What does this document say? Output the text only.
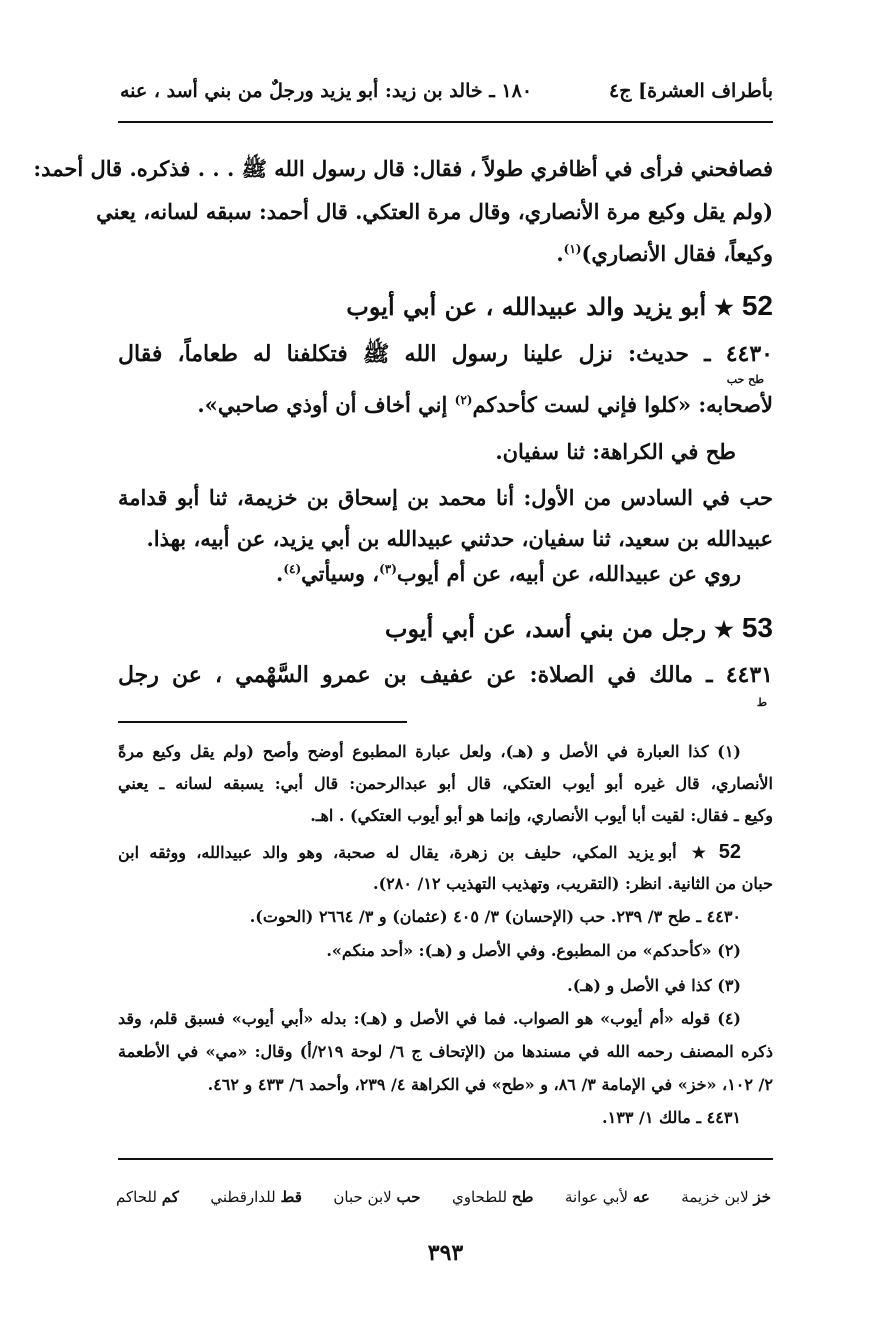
بأطراف العشرة] ج٤
١٨٠ ـ خالد بن زيد: أبو يزيد ورجلٌ من بني أسد ، عنه
فصافحني فرأى في أظافري طولاً ، فقال: قال رسول الله ﷺ . . . فذكره. قال أحمد:
(ولم يقل وكيع مرة الأنصاري، وقال مرة العتكي. قال أحمد: سبقه لسانه، يعني
وكيعاً، فقال الأنصاري)$^{(١)}$.
52★أبو يزيد والد عبيدالله ، عن أبي أيوب
٤٤٣٠ ـ حديث: نزل علينا رسول الله ﷺ فتكلفنا له طعاماً، فقال
طح حب
لأصحابه: «كلوا فإني لست كأحدكم$^{(٢)}$ إني أخاف أن أوذي صاحبي».
طح في الكراهة: ثنا سفيان.
حب في السادس من الأول: أنا محمد بن إسحاق بن خزيمة، ثنا أبو قدامة
عبيدالله بن سعيد، ثنا سفيان، حدثني عبيدالله بن أبي يزيد، عن أبيه، بهذا.
روي عن عبيدالله، عن أبيه، عن أم أيوب$^{(٣)}$، وسيأتي$^{(٤)}$.
53★رجل من بني أسد، عن أبي أيوب
٤٤٣١ ـ مالك في الصلاة: عن عفيف بن عمرو السَّهْمي ، عن رجل
ط
(١) كذا العبارة في الأصل و (هـ)، ولعل عبارة المطبوع أوضح وأصح (ولم يقل وكيع مرةً
الأنصاري، قال غيره أبو أيوب العتكي، قال أبو عبدالرحمن: قال أبي: يسبقه لسانه ـ يعني
وكيع ـ فقال: لقيت أبا أيوب الأنصاري، وإنما هو أبو أيوب العتكي) . اهـ.
52★ أبو يزيد المكي، حليف بن زهرة، يقال له صحبة، وهو والد عبيدالله، ووثقه ابن
حبان من الثانية. انظر: (التقريب، وتهذيب التهذيب ١٢/ ٢٨٠).
٤٤٣٠ ـ طح ٣/ ٢٣٩. حب (الإحسان) ٣/ ٤٠٥ (عثمان) و ٣/ ٢٦٦٤ (الحوت).
(٢) «كأحدكم» من المطبوع. وفي الأصل و (هـ): «أحد منكم».
(٣) كذا في الأصل و (هـ).
(٤) قوله «أم أيوب» هو الصواب. فما في الأصل و (هـ): بدله «أبي أيوب» فسبق قلم، وقد
ذكره المصنف رحمه الله في مسندها من (الإتحاف ج ٦/ لوحة ٢١٩/أ) وقال: «مي» في الأطعمة
٢/ ١٠٢، «خز» في الإمامة ٣/ ٨٦، و «طح» في الكراهة ٤/ ٢٣٩، وأحمد ٦/ ٤٣٣ و ٤٦٢.
٤٤٣١ ـ مالك ١/ ١٣٣.
خز لابن خزيمة
عه لأبي عوانة
طح للطحاوي
حب لابن حبان
قط للدارقطني
كم للحاكم
٣٩٣
